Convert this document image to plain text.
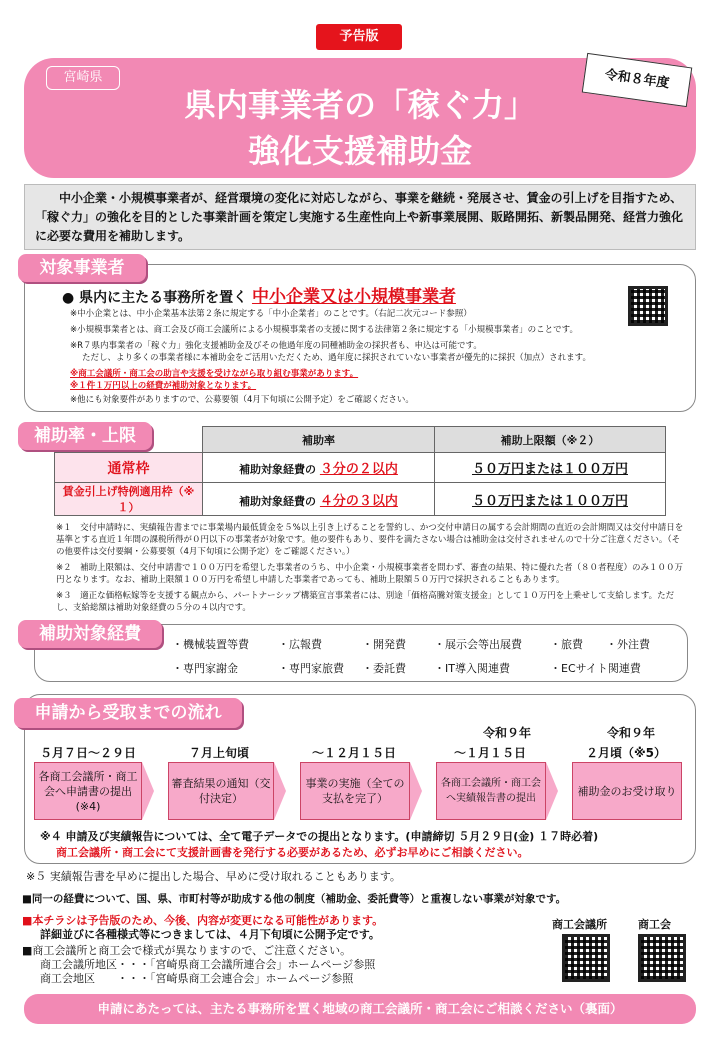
予告版
宮崎県	令和８年度
県内事業者の「稼ぐ力」
強化支援補助金
中小企業・小規模事業者が、経営環境の変化に対応しながら、事業を継続・発展させ、賃金の引上げを目指すため、「稼ぐ力」の強化を目的とした事業計画を策定し実施する生産性向上や新事業展開、販路開拓、新製品開発、経営力強化に必要な費用を補助します。
対象事業者
● 県内に主たる事務所を置く 中小企業又は小規模事業者
※中小企業とは、中小企業基本法第２条に規定する「中小企業者」のことです。（右記二次元コード参照）
※小規模事業者とは、商工会及び商工会議所による小規模事業者の支援に関する法律第２条に規定する「小規模事業者」のことです。
※R７県内事業者の「稼ぐ力」強化支援補助金及びその他過年度の同種補助金の採択者も、申込は可能です。
ただし、より多くの事業者様に本補助金をご活用いただくため、過年度に採択されていない事業者が優先的に採択（加点）されます。
※商工会議所・商工会の助言や支援を受けながら取り組む事業があります。
※１件１万円以上の経費が補助対象となります。
※他にも対象要件がありますので、公募要領（4月下旬頃に公開予定）をご確認ください。
	補助率	補助上限額（※２）
通常枠	補助対象経費の ３分の２以内	５０万円または１００万円
賃金引上げ特例適用枠（※１）	補助対象経費の ４分の３以内	５０万円または１００万円
補助率・上限
※１　交付申請時に、実績報告書までに事業場内最低賃金を５%以上引き上げることを誓約し、かつ交付申請日の属する会計期間の直近の会計期間又は交付申請日を基準とする直近１年間の課税所得が０円以下の事業者が対象です。他の要件もあり、要件を満たさない場合は補助金は交付されませんので十分ご注意ください。（その他要件は交付要綱・公募要領（4月下旬頃に公開予定）をご確認ください。）
※２　補助上限額は、交付申請書で１００万円を希望した事業者のうち、中小企業・小規模事業者を問わず、審査の結果、特に優れた者（８０者程度）のみ１００万円となります。なお、補助上限額１００万円を希望し申請した事業者であっても、補助上限額５０万円で採択されることもあります。
※３　適正な価格転嫁等を支援する観点から、パートナーシップ構築宣言事業者には、別途「価格高騰対策支援金」として１０万円を上乗せして支給します。ただし、支給総額は補助対象経費の５分の４以内です。
補助対象経費
・機械装置等費	・広報費	・開発費	・展示会等出展費	・旅費 ・外注費
・専門家謝金	・専門家旅費 ・委託費	・IT導入関連費	・ECサイト関連費
申請から受取までの流れ
令和９年	令和９年
５月７日〜２９日	７月上旬頃	〜１２月１５日	〜１月１５日	２月頃（※5）
各商工会議所・商工会へ申請書の提出(※4)
審査結果の通知（交付決定）
事業の実施（全ての支払を完了）
各商工会議所・商工会へ実績報告書の提出
補助金のお受け取り
※４ 申請及び実績報告については、全て電子データでの提出となります。(申請締切 ５月２９日(金) １７時必着)
商工会議所・商工会にて支援計画書を発行する必要があるため、必ずお早めにご相談ください。
※５ 実績報告書を早めに提出した場合、早めに受け取れることもあります。
■同一の経費について、国、県、市町村等が助成する他の制度（補助金、委託費等）と重複しない事業が対象です。
■本チラシは予告版のため、今後、内容が変更になる可能性があります。
詳細並びに各種様式等につきましては、４月下旬頃に公開予定です。
■商工会議所と商工会で様式が異なりますので、ご注意ください。
商工会議所地区・・・「宮崎県商工会議所連合会」ホームページ参照
商工会地区　　・・・「宮崎県商工会連合会」ホームページ参照
商工会議所	商工会
申請にあたっては、主たる事務所を置く地域の商工会議所・商工会にご相談ください（裏面）
